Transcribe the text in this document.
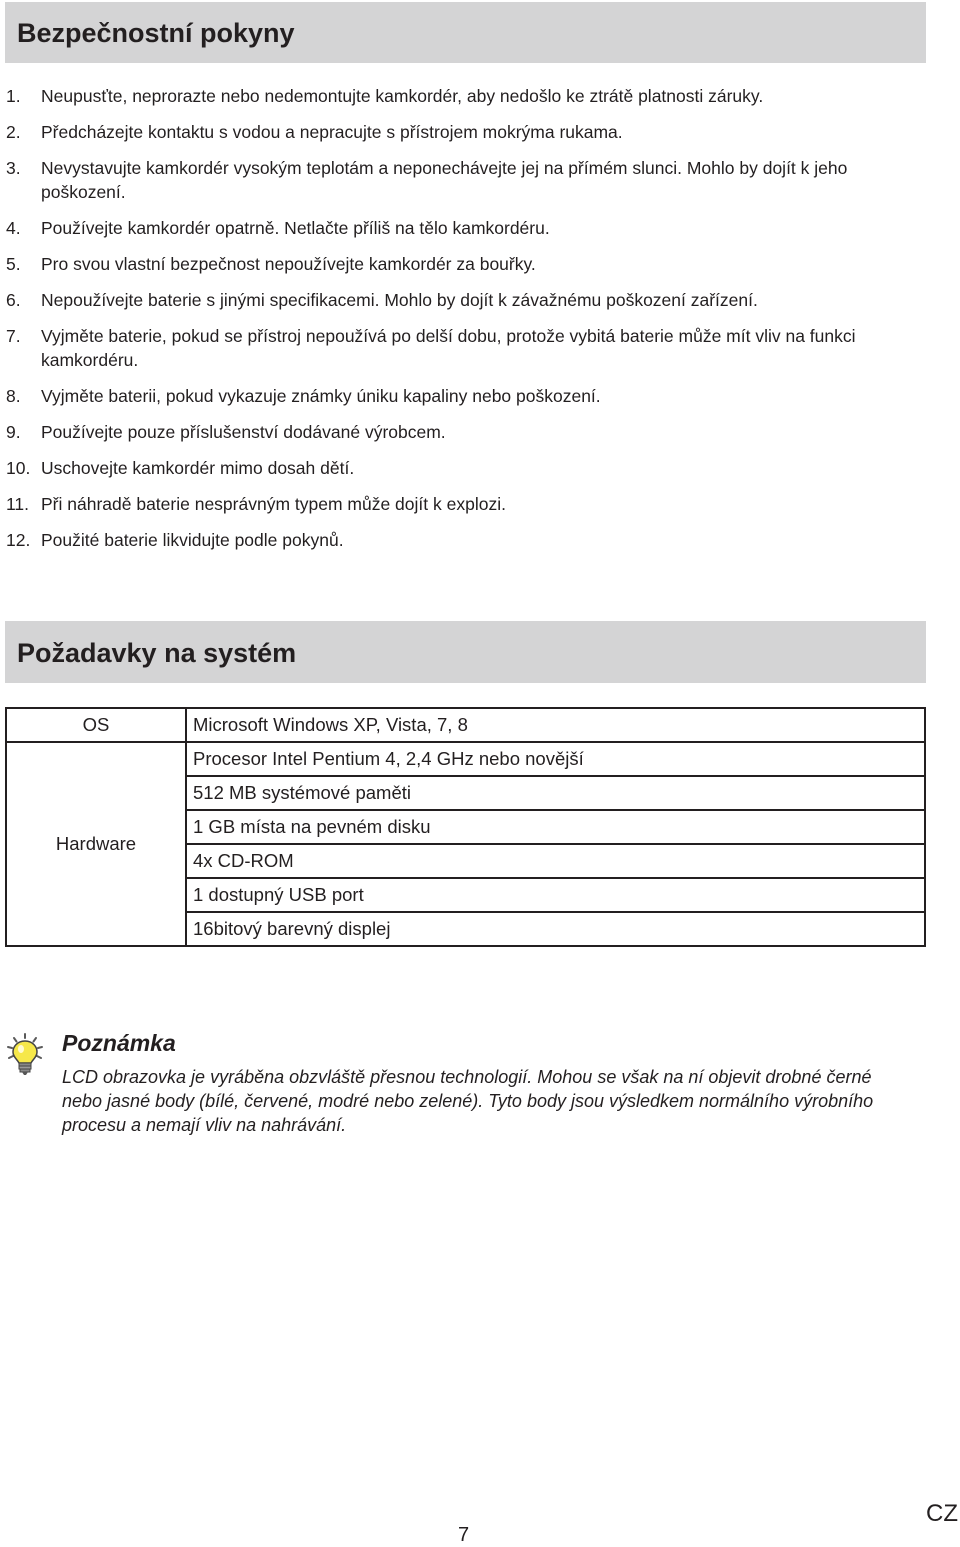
Bezpečnostní pokyny
1.	Neupusťte, neprorazte nebo nedemontujte kamkordér, aby nedošlo ke ztrátě platnosti záruky.
2.	Předcházejte kontaktu s vodou a nepracujte s přístrojem mokrýma rukama.
3.	Nevystavujte kamkordér vysokým teplotám a neponechávejte jej na přímém slunci. Mohlo by dojít k jeho poškození.
4.	Používejte kamkordér opatrně. Netlačte příliš na tělo kamkordéru.
5.	Pro svou vlastní bezpečnost nepoužívejte kamkordér za bouřky.
6.	Nepoužívejte baterie s jinými specifikacemi. Mohlo by dojít k závažnému poškození zařízení.
7.	Vyjměte baterie, pokud se přístroj nepoužívá po delší dobu, protože vybitá baterie může mít vliv na funkci kamkordéru.
8.	Vyjměte baterii, pokud vykazuje známky úniku kapaliny nebo poškození.
9.	Používejte pouze příslušenství dodávané výrobcem.
10. Uschovejte kamkordér mimo dosah dětí.
11. Při náhradě baterie nesprávným typem může dojít k explozi.
12. Použité baterie likvidujte podle pokynů.
Požadavky na systém
OS	Microsoft Windows XP, Vista, 7, 8
Hardware	Procesor Intel Pentium 4, 2,4 GHz nebo novější
	512 MB systémové paměti
	1 GB místa na pevném disku
	4x CD-ROM
	1 dostupný USB port
	16bitový barevný displej
Poznámka
LCD obrazovka je vyráběna obzvláště přesnou technologií. Mohou se však na ní objevit drobné černé nebo jasné body (bílé, červené, modré nebo zelené). Tyto body jsou výsledkem normálního výrobního procesu a nemají vliv na nahrávání.
7
CZ
